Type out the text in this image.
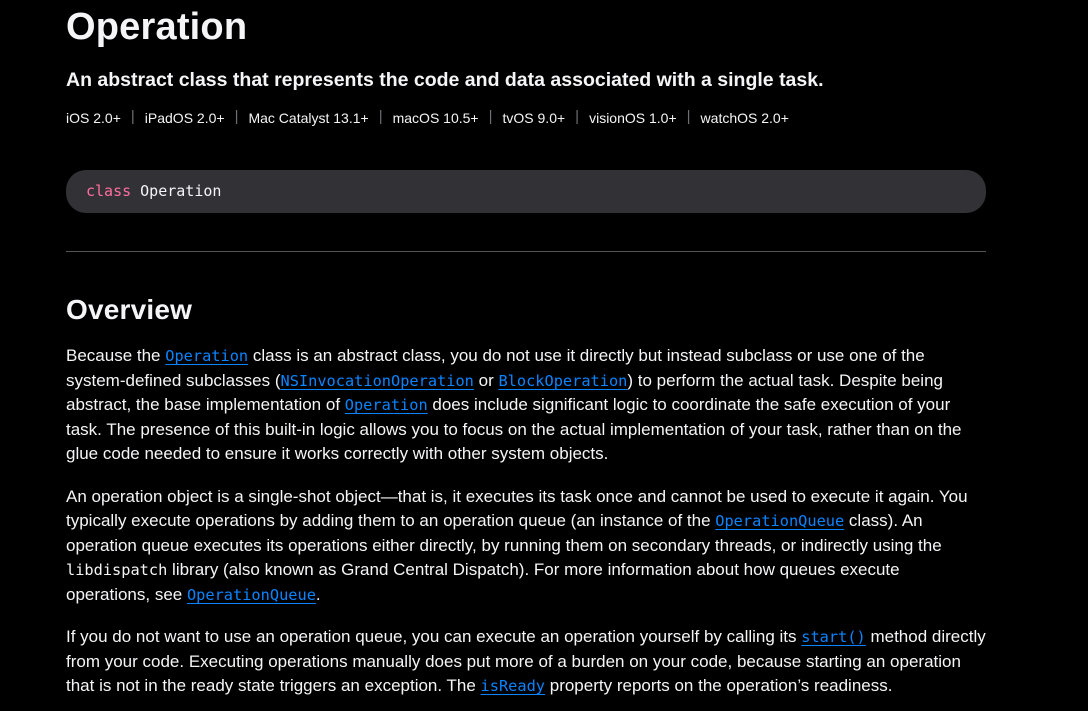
Operation

An abstract class that represents the code and data associated with a single task.

iOS 2.0+ | iPadOS 2.0+ | Mac Catalyst 13.1+ | macOS 10.5+ | tvOS 9.0+ | visionOS 1.0+ | watchOS 2.0+
class Operation
Overview

Because the Operation class is an abstract class, you do not use it directly but instead subclass or use one of the system-defined subclasses (NSInvocationOperation or BlockOperation) to perform the actual task. Despite being abstract, the base implementation of Operation does include significant logic to coordinate the safe execution of your task. The presence of this built-in logic allows you to focus on the actual implementation of your task, rather than on the glue code needed to ensure it works correctly with other system objects.

An operation object is a single-shot object—that is, it executes its task once and cannot be used to execute it again. You typically execute operations by adding them to an operation queue (an instance of the OperationQueue class). An operation queue executes its operations either directly, by running them on secondary threads, or indirectly using the libdispatch library (also known as Grand Central Dispatch). For more information about how queues execute operations, see OperationQueue.

If you do not want to use an operation queue, you can execute an operation yourself by calling its start() method directly from your code. Executing operations manually does put more of a burden on your code, because starting an operation that is not in the ready state triggers an exception. The isReady property reports on the operation’s readiness.
